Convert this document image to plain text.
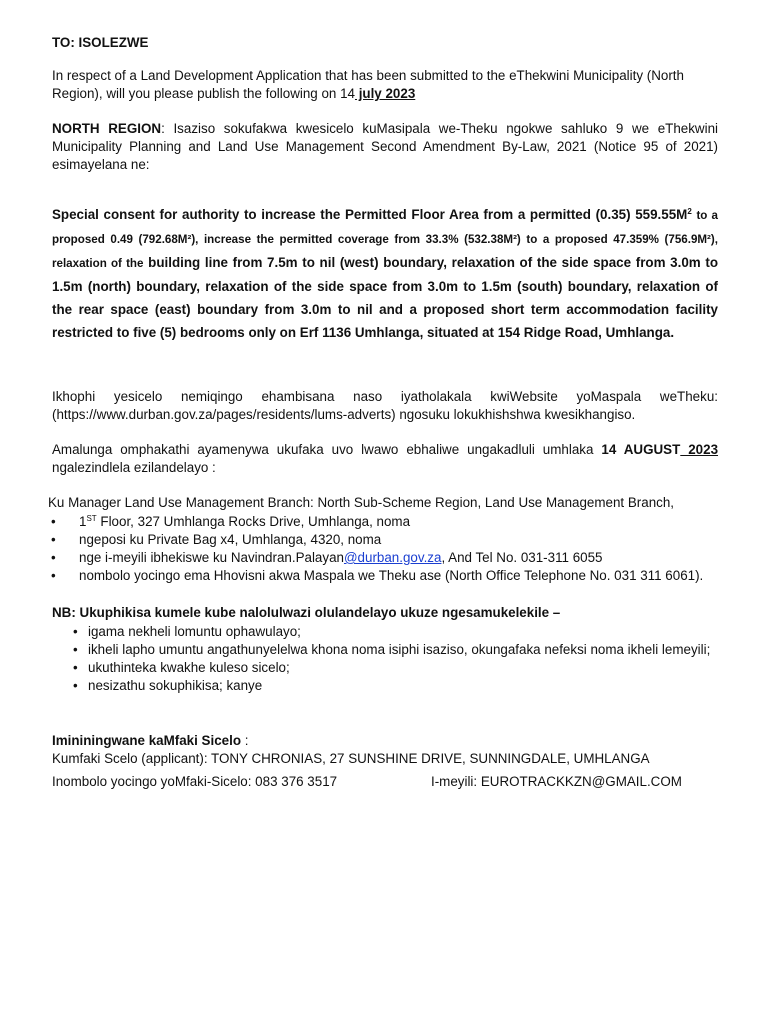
TO: ISOLEZWE
In respect of a Land Development Application that has been submitted to the eThekwini Municipality (North Region), will you please publish the following on 14 july 2023
NORTH REGION: Isaziso sokufakwa kwesicelo kuMasipala we-Theku ngokwe sahluko 9 we eThekwini Municipality Planning and Land Use Management Second Amendment By-Law, 2021 (Notice 95 of 2021) esimayelana ne:
Special consent for authority to increase the Permitted Floor Area from a permitted (0.35) $559.55M^2$ to a proposed 0.49 (792.68M²), increase the permitted coverage from 33.3% (532.38M²) to a proposed 47.359% (756.9M²), relaxation of the building line from 7.5m to nil (west) boundary, relaxation of the side space from 3.0m to 1.5m (north) boundary, relaxation of the side space from 3.0m to 1.5m (south) boundary, relaxation of the rear space (east) boundary from 3.0m to nil and a proposed short term accommodation facility restricted to five (5) bedrooms only on Erf 1136 Umhlanga, situated at 154 Ridge Road, Umhlanga.
Ikhophi yesicelo nemiqingo ehambisana naso iyatholakala kwiWebsite yoMaspala weTheku: (https://www.durban.gov.za/pages/residents/lums-adverts) ngosuku lokukhishshwa kwesikhangiso.
Amalunga omphakathi ayamenywa ukufaka uvo lwawo ebhaliwe ungakadluli umhlaka 14 AUGUST 2023 ngalezindlela ezilandelayo :
Ku Manager Land Use Management Branch: North Sub-Scheme Region, Land Use Management Branch,
• 1ST Floor, 327 Umhlanga Rocks Drive, Umhlanga, noma
• ngeposi ku Private Bag x4, Umhlanga, 4320, noma
• nge i-meyili ibhekiswe ku Navindran.Palayan@durban.gov.za, And Tel No. 031-311 6055
• nombolo yocingo ema Hhovisni akwa Maspala we Theku ase (North Office Telephone No. 031 311 6061).
NB: Ukuphikisa kumele kube nalolulwazi olulandelayo ukuze ngesamukelekile –
• igama nekheli lomuntu ophawulayo;
• ikheli lapho umuntu angathunyelelwa khona noma isiphi isaziso, okungafaka nefeksi noma ikheli lemeyili;
• ukuthinteka kwakhe kuleso sicelo;
• nesizathu sokuphikisa; kanye
Imininingwane kaMfaki Sicelo :
Kumfaki Scelo (applicant): TONY CHRONIAS, 27 SUNSHINE DRIVE, SUNNINGDALE, UMHLANGA
Inombolo yocingo yoMfaki-Sicelo: 083 376 3517	I-meyili: EUROTRACKKZN@GMAIL.COM
